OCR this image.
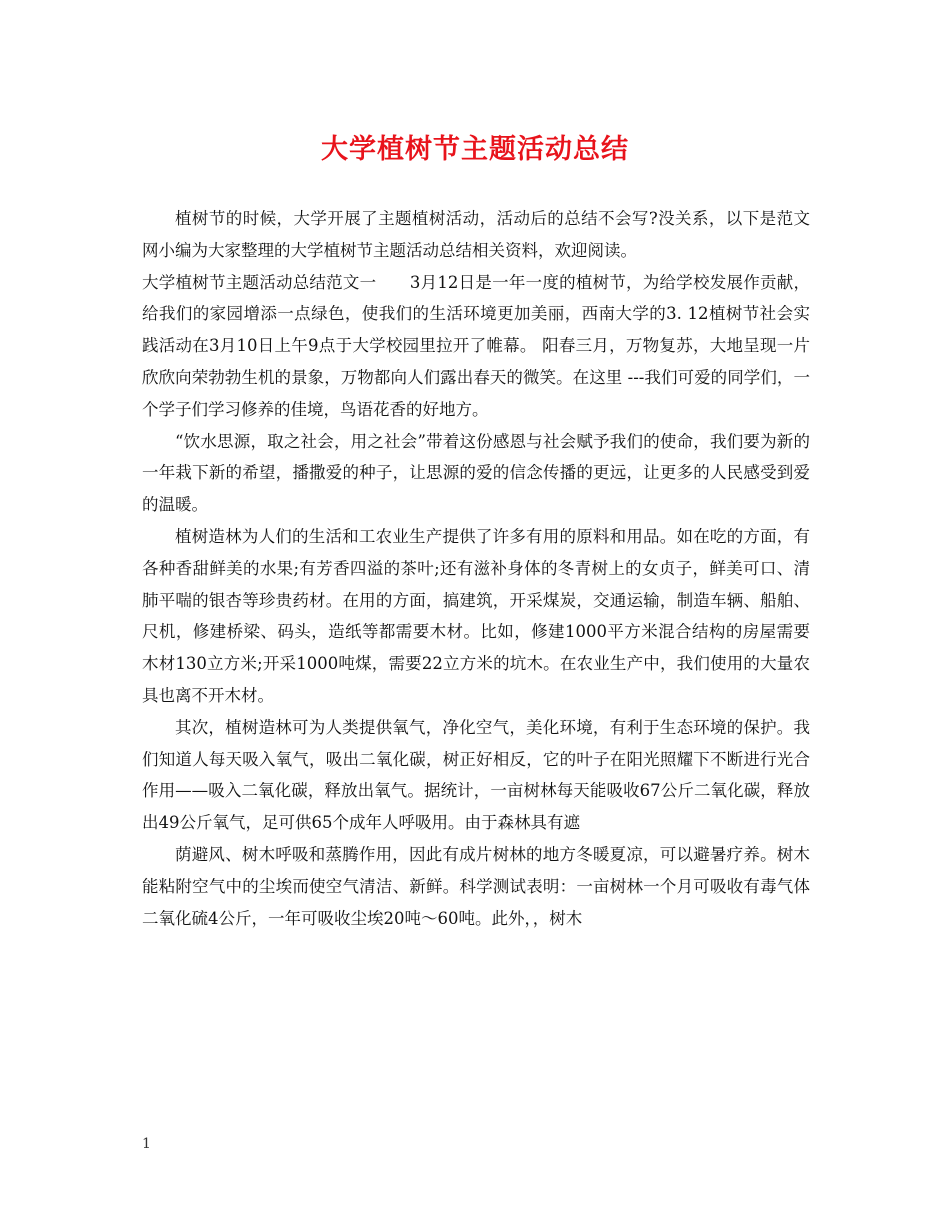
大学植树节主题活动总结

植树节的时候，大学开展了主题植树活动，活动后的总结不会写?没关系，以下是范文网小编为大家整理的大学植树节主题活动总结相关资料，欢迎阅读。

大学植树节主题活动总结范文一　　3月12日是一年一度的植树节，为给学校发展作贡献，给我们的家园增添一点绿色，使我们的生活环境更加美丽，西南大学的3. 12植树节社会实践活动在3月10日上午9点于大学校园里拉开了帷幕。 阳春三月，万物复苏，大地呈现一片欣欣向荣勃勃生机的景象，万物都向人们露出春天的微笑。在这里 ---我们可爱的同学们，一个学子们学习修养的佳境，鸟语花香的好地方。

“饮水思源，取之社会，用之社会”带着这份感恩与社会赋予我们的使命，我们要为新的一年栽下新的希望，播撒爱的种子，让思源的爱的信念传播的更远，让更多的人民感受到爱的温暖。

植树造林为人们的生活和工农业生产提供了许多有用的原料和用品。如在吃的方面，有各种香甜鲜美的水果;有芳香四溢的茶叶;还有滋补身体的冬青树上的女贞子，鲜美可口、清肺平喘的银杏等珍贵药材。在用的方面，搞建筑，开采煤炭，交通运输，制造车辆、船舶、尺机，修建桥梁、码头，造纸等都需要木材。比如，修建1000平方米混合结构的房屋需要木材130立方米;开采1000吨煤，需要22立方米的坑木。在农业生产中，我们使用的大量农具也离不开木材。

其次，植树造林可为人类提供氧气，净化空气，美化环境，有利于生态环境的保护。我们知道人每天吸入氧气，吸出二氧化碳，树正好相反，它的叶子在阳光照耀下不断进行光合作用——吸入二氧化碳，释放出氧气。据统计，一亩树林每天能吸收67公斤二氧化碳，释放出49公斤氧气，足可供65个成年人呼吸用。由于森林具有遮

荫避风、树木呼吸和蒸腾作用，因此有成片树林的地方冬暖夏凉，可以避暑疗养。树木能粘附空气中的尘埃而使空气清洁、新鲜。科学测试表明：一亩树林一个月可吸收有毒气体二氧化硫4公斤，一年可吸收尘埃20吨～60吨。此外，，树木

1
